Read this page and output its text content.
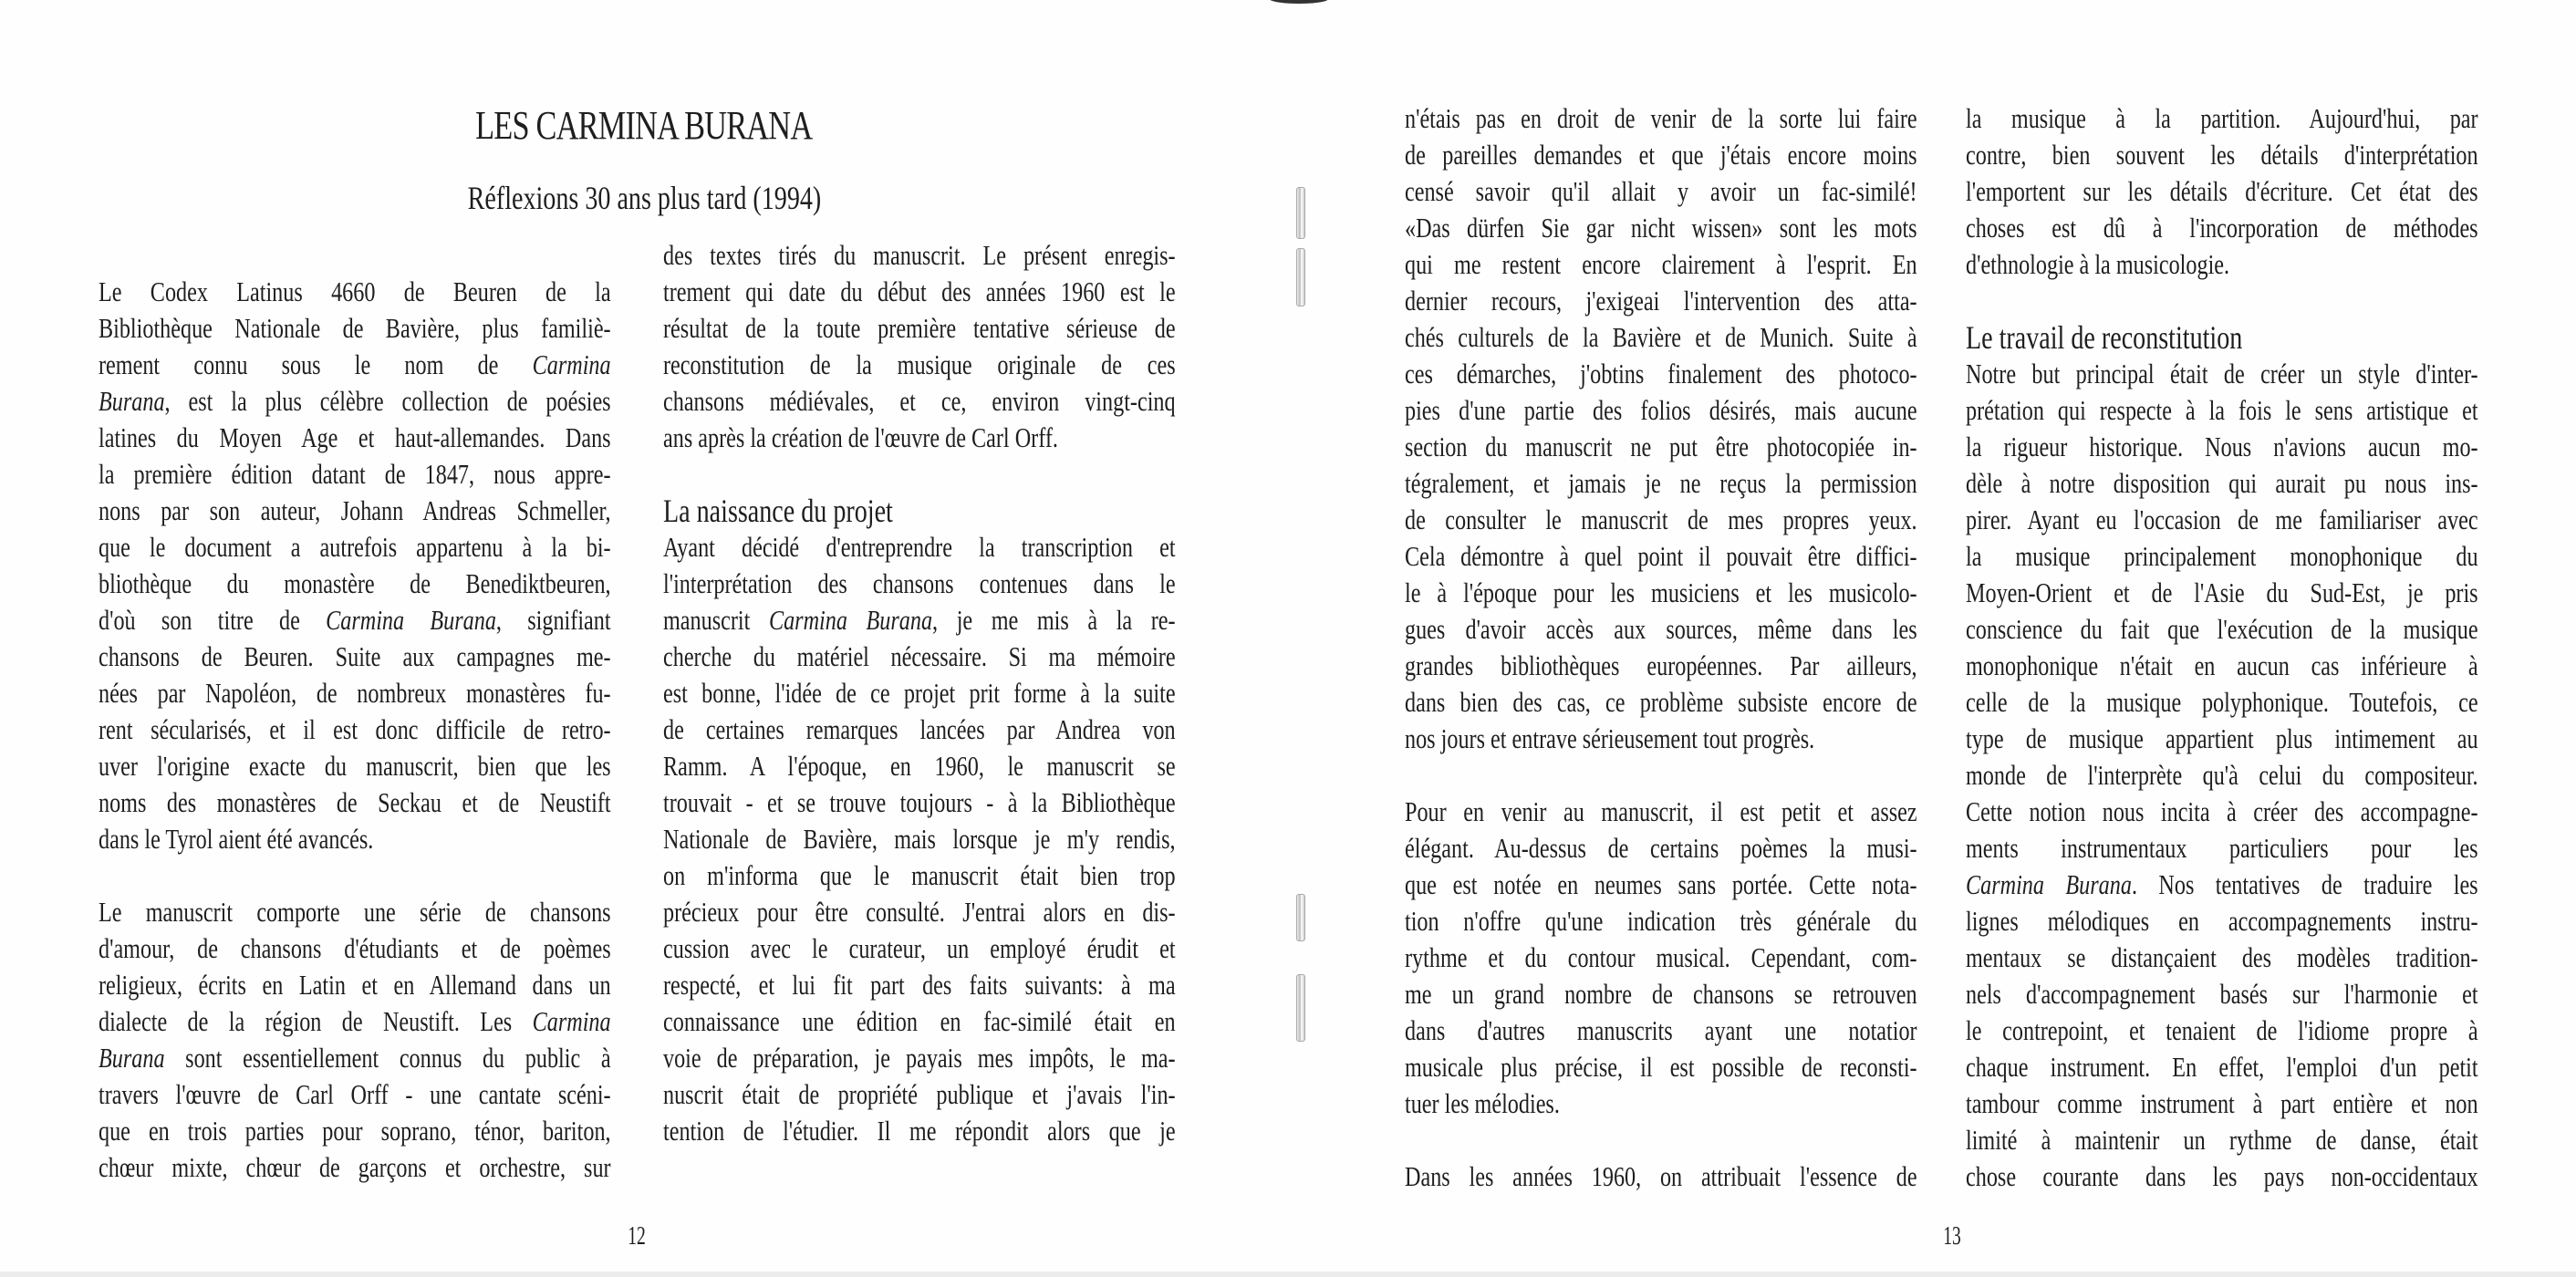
LES CARMINA BURANA
Réflexions 30 ans plus tard (1994)

Le Codex Latinus 4660 de Beuren de la
Bibliothèque Nationale de Bavière, plus familiè-
rement connu sous le nom de Carmina
Burana, est la plus célèbre collection de poésies
latines du Moyen Age et haut-allemandes. Dans
la première édition datant de 1847, nous appre-
nons par son auteur, Johann Andreas Schmeller,
que le document a autrefois appartenu à la bi-
bliothèque du monastère de Benediktbeuren,
d'où son titre de Carmina Burana, signifiant
chansons de Beuren. Suite aux campagnes me-
nées par Napoléon, de nombreux monastères fu-
rent sécularisés, et il est donc difficile de retro-
uver l'origine exacte du manuscrit, bien que les
noms des monastères de Seckau et de Neustift
dans le Tyrol aient été avancés.

Le manuscrit comporte une série de chansons
d'amour, de chansons d'étudiants et de poèmes
religieux, écrits en Latin et en Allemand dans un
dialecte de la région de Neustift. Les Carmina
Burana sont essentiellement connus du public à
travers l'œuvre de Carl Orff - une cantate scéni-
que en trois parties pour soprano, ténor, bariton,
chœur mixte, chœur de garçons et orchestre, sur

des textes tirés du manuscrit. Le présent enregis-
trement qui date du début des années 1960 est le
résultat de la toute première tentative sérieuse de
reconstitution de la musique originale de ces
chansons médiévales, et ce, environ vingt-cinq
ans après la création de l'œuvre de Carl Orff.

La naissance du projet

Ayant décidé d'entreprendre la transcription et
l'interprétation des chansons contenues dans le
manuscrit Carmina Burana, je me mis à la re-
cherche du matériel nécessaire. Si ma mémoire
est bonne, l'idée de ce projet prit forme à la suite
de certaines remarques lancées par Andrea von
Ramm. A l'époque, en 1960, le manuscrit se
trouvait - et se trouve toujours - à la Bibliothèque
Nationale de Bavière, mais lorsque je m'y rendis,
on m'informa que le manuscrit était bien trop
précieux pour être consulté. J'entrai alors en dis-
cussion avec le curateur, un employé érudit et
respecté, et lui fit part des faits suivants: à ma
connaissance une édition en fac-similé était en
voie de préparation, je payais mes impôts, le ma-
nuscrit était de propriété publique et j'avais l'in-
tention de l'étudier. Il me répondit alors que je

n'étais pas en droit de venir de la sorte lui faire
de pareilles demandes et que j'étais encore moins
censé savoir qu'il allait y avoir un fac-similé!
«Das dürfen Sie gar nicht wissen» sont les mots
qui me restent encore clairement à l'esprit. En
dernier recours, j'exigeai l'intervention des atta-
chés culturels de la Bavière et de Munich. Suite à
ces démarches, j'obtins finalement des photoco-
pies d'une partie des folios désirés, mais aucune
section du manuscrit ne put être photocopiée in-
tégralement, et jamais je ne reçus la permission
de consulter le manuscrit de mes propres yeux.
Cela démontre à quel point il pouvait être diffici-
le à l'époque pour les musiciens et les musicolo-
gues d'avoir accès aux sources, même dans les
grandes bibliothèques européennes. Par ailleurs,
dans bien des cas, ce problème subsiste encore de
nos jours et entrave sérieusement tout progrès.

Pour en venir au manuscrit, il est petit et assez
élégant. Au-dessus de certains poèmes la musi-
que est notée en neumes sans portée. Cette nota-
tion n'offre qu'une indication très générale du
rythme et du contour musical. Cependant, com-
me un grand nombre de chansons se retrouven
dans d'autres manuscrits ayant une notatior
musicale plus précise, il est possible de reconsti-
tuer les mélodies.

Dans les années 1960, on attribuait l'essence de

la musique à la partition. Aujourd'hui, par
contre, bien souvent les détails d'interprétation
l'emportent sur les détails d'écriture. Cet état des
choses est dû à l'incorporation de méthodes
d'ethnologie à la musicologie.

Le travail de reconstitution

Notre but principal était de créer un style d'inter-
prétation qui respecte à la fois le sens artistique et
la rigueur historique. Nous n'avions aucun mo-
dèle à notre disposition qui aurait pu nous ins-
pirer. Ayant eu l'occasion de me familiariser avec
la musique principalement monophonique du
Moyen-Orient et de l'Asie du Sud-Est, je pris
conscience du fait que l'exécution de la musique
monophonique n'était en aucun cas inférieure à
celle de la musique polyphonique. Toutefois, ce
type de musique appartient plus intimement au
monde de l'interprète qu'à celui du compositeur.
Cette notion nous incita à créer des accompagne-
ments instrumentaux particuliers pour les
Carmina Burana. Nos tentatives de traduire les
lignes mélodiques en accompagnements instru-
mentaux se distançaient des modèles tradition-
nels d'accompagnement basés sur l'harmonie et
le contrepoint, et tenaient de l'idiome propre à
chaque instrument. En effet, l'emploi d'un petit
tambour comme instrument à part entière et non
limité à maintenir un rythme de danse, était
chose courante dans les pays non-occidentaux

12	13
